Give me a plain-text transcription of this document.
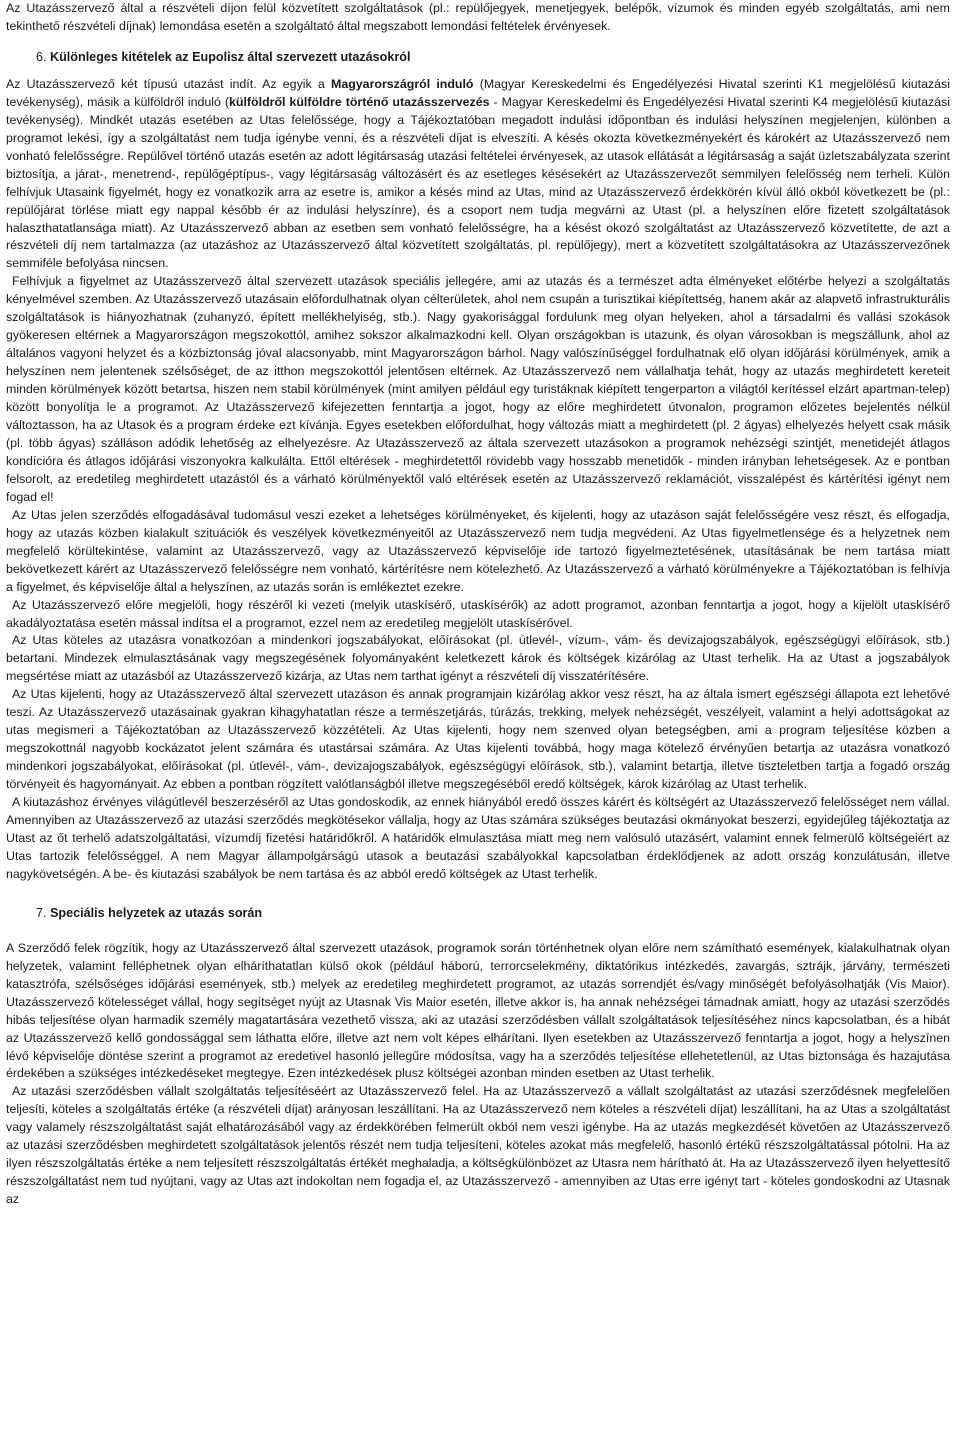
Az Utazásszervező által a részvételi díjon felül közvetített szolgáltatások (pl.: repülőjegyek, menetjegyek, belépők, vízumok és minden egyéb szolgáltatás, ami nem tekinthető részvételi díjnak) lemondása esetén a szolgáltató által megszabott lemondási feltételek érvényesek.

6. Különleges kitételek az Eupolisz által szervezett utazásokról

Az Utazásszervező két típusú utazást indít. Az egyik a Magyarországról induló (Magyar Kereskedelmi és Engedélyezési Hivatal szerinti K1 megjelölésű kiutazási tevékenység), másik a külföldről induló (külföldről külföldre történő utazásszervezés - Magyar Kereskedelmi és Engedélyezési Hivatal szerinti K4 megjelölésű kiutazási tevékenység). Mindkét utazás esetében az Utas felelőssége, hogy a Tájékoztatóban megadott indulási időpontban és indulási helyszínen megjelenjen, különben a programot lekési, így a szolgáltatást nem tudja igénybe venni, és a részvételi díjat is elveszíti. A késés okozta következményekért és károkért az Utazásszervező nem vonható felelősségre. Repülővel történő utazás esetén az adott légitársaság utazási feltételei érvényesek, az utasok ellátását a légitársaság a saját üzletszabályzata szerint biztosítja, a járat-, menetrend-, repülőgéptípus-, vagy légitársaság változásért és az esetleges késésekért az Utazásszervezőt semmilyen felelősség nem terheli. Külön felhívjuk Utasaink figyelmét, hogy ez vonatkozik arra az esetre is, amikor a késés mind az Utas, mind az Utazásszervező érdekkörén kívül álló okból következett be (pl.: repülőjárat törlése miatt egy nappal később ér az indulási helyszínre), és a csoport nem tudja megvárni az Utast (pl. a helyszínen előre fizetett szolgáltatások halaszthatatlansága miatt). Az Utazásszervező abban az esetben sem vonható felelősségre, ha a késést okozó szolgáltatást az Utazásszervező közvetítette, de azt a részvételi díj nem tartalmazza (az utazáshoz az Utazásszervező által közvetített szolgáltatás, pl. repülőjegy), mert a közvetített szolgáltatásokra az Utazásszervezőnek semmiféle befolyása nincsen.

Felhívjuk a figyelmet az Utazásszervező által szervezett utazások speciális jellegére, ami az utazás és a természet adta élményeket előtérbe helyezi a szolgáltatás kényelmével szemben. Az Utazásszervező utazásain előfordulhatnak olyan célterületek, ahol nem csupán a turisztikai kiépítettség, hanem akár az alapvető infrastrukturális szolgáltatások is hiányozhatnak (zuhanyzó, épített mellékhelyiség, stb.). Nagy gyakorisággal fordulunk meg olyan helyeken, ahol a társadalmi és vallási szokások gyökeresen eltérnek a Magyarországon megszokottól, amihez sokszor alkalmazkodni kell. Olyan országokban is utazunk, és olyan városokban is megszállunk, ahol az általános vagyoni helyzet és a közbiztonság jóval alacsonyabb, mint Magyarországon bárhol. Nagy valószínűséggel fordulhatnak elő olyan időjárási körülmények, amik a helyszínen nem jelentenek szélsőséget, de az itthon megszokottól jelentősen eltérnek. Az Utazásszervező nem vállalhatja tehát, hogy az utazás meghirdetett kereteit minden körülmények között betartsa, hiszen nem stabil körülmények (mint amilyen például egy turistáknak kiépített tengerparton a világtól kerítéssel elzárt apartman-telep) között bonyolítja le a programot. Az Utazásszervező kifejezetten fenntartja a jogot, hogy az előre meghirdetett útvonalon, programon előzetes bejelentés nélkül változtasson, ha az Utasok és a program érdeke ezt kívánja. Egyes esetekben előfordulhat, hogy változás miatt a meghirdetett (pl. 2 ágyas) elhelyezés helyett csak másik (pl. több ágyas) szálláson adódik lehetőség az elhelyezésre. Az Utazásszervező az általa szervezett utazásokon a programok nehézségi szintjét, menetidejét átlagos kondícióra és átlagos időjárási viszonyokra kalkulálta. Ettől eltérések - meghirdetettől rövidebb vagy hosszabb menetidők - minden irányban lehetségesek. Az e pontban felsorolt, az eredetileg meghirdetett utazástól és a várható körülményektől való eltérések esetén az Utazásszervező reklamációt, visszalépést és kártérítési igényt nem fogad el!

Az Utas jelen szerződés elfogadásával tudomásul veszi ezeket a lehetséges körülményeket, és kijelenti, hogy az utazáson saját felelősségére vesz részt, és elfogadja, hogy az utazás közben kialakult szituációk és veszélyek következményeitől az Utazásszervező nem tudja megvédeni. Az Utas figyelmetlensége és a helyzetnek nem megfelelő körültekintése, valamint az Utazásszervező, vagy az Utazásszervező képviselője ide tartozó figyelmeztetésének, utasításának be nem tartása miatt bekövetkezett kárért az Utazásszervező felelősségre nem vonható, kártérítésre nem kötelezhető. Az Utazásszervező a várható körülményekre a Tájékoztatóban is felhívja a figyelmet, és képviselője által a helyszínen, az utazás során is emlékeztet ezekre.

Az Utazásszervező előre megjelöli, hogy részéről ki vezeti (melyik utaskísérő, utaskísérők) az adott programot, azonban fenntartja a jogot, hogy a kijelölt utaskísérő akadályoztatása esetén mással indítsa el a programot, ezzel nem az eredetileg megjelölt utaskísérővel.

Az Utas köteles az utazásra vonatkozóan a mindenkori jogszabályokat, előírásokat (pl. útlevél-, vízum-, vám- és devizajogszabályok, egészségügyi előírások, stb.) betartani. Mindezek elmulasztásának vagy megszegésének folyományaként keletkezett károk és költségek kizárólag az Utast terhelik. Ha az Utast a jogszabályok megsértése miatt az utazásból az Utazásszervező kizárja, az Utas nem tarthat igényt a részvételi díj visszatérítésére.

Az Utas kijelenti, hogy az Utazásszervező által szervezett utazáson és annak programjain kizárólag akkor vesz részt, ha az általa ismert egészségi állapota ezt lehetővé teszi. Az Utazásszervező utazásainak gyakran kihagyhatatlan része a természetjárás, túrázás, trekking, melyek nehézségét, veszélyeit, valamint a helyi adottságokat az utas megismeri a Tájékoztatóban az Utazásszervező közzétételi. Az Utas kijelenti, hogy nem szenved olyan betegségben, ami a program teljesítése közben a megszokottnál nagyobb kockázatot jelent számára és utastársai számára. Az Utas kijelenti továbbá, hogy maga kötelező érvényűen betartja az utazásra vonatkozó mindenkori jogszabályokat, előírásokat (pl. útlevél-, vám-, devizajogszabályok, egészségügyi előírások, stb.), valamint betartja, illetve tiszteletben tartja a fogadó ország törvényeit és hagyományait. Az ebben a pontban rögzített valótlanságból illetve megszegéséből eredő költségek, károk kizárólag az Utast terhelik.

A kiutazáshoz érvényes világútlevél beszerzéséről az Utas gondoskodik, az ennek hiányából eredő összes kárért és költségért az Utazásszervező felelősséget nem vállal. Amennyiben az Utazásszervező az utazási szerződés megkötésekor vállalja, hogy az Utas számára szükséges beutazási okmányokat beszerzi, egyidejűleg tájékoztatja az Utast az őt terhelő adatszolgáltatási, vízumdíj fizetési határidőkről. A határidők elmulasztása miatt meg nem valósuló utazásért, valamint ennek felmerülő költségeiért az Utas tartozik felelősséggel. A nem Magyar állampolgárságú utasok a beutazási szabályokkal kapcsolatban érdeklődjenek az adott ország konzulátusán, illetve nagykövetségén. A be- és kiutazási szabályok be nem tartása és az abból eredő költségek az Utast terhelik.

7. Speciális helyzetek az utazás során

A Szerződő felek rögzítik, hogy az Utazásszervező által szervezett utazások, programok során történhetnek olyan előre nem számítható események, kialakulhatnak olyan helyzetek, valamint felléphetnek olyan elháríthatatlan külső okok (például háború, terrorcselekmény, diktatórikus intézkedés, zavargás, sztrájk, járvány, természeti katasztrófa, szélsőséges időjárási események, stb.) melyek az eredetileg meghirdetett programot, az utazás sorrendjét és/vagy minőségét befolyásolhatják (Vis Maior). Utazásszervező kötelességet vállal, hogy segítséget nyújt az Utasnak Vis Maior esetén, illetve akkor is, ha annak nehézségei támadnak amiatt, hogy az utazási szerződés hibás teljesítése olyan harmadik személy magatartására vezethető vissza, aki az utazási szerződésben vállalt szolgáltatások teljesítéséhez nincs kapcsolatban, és a hibát az Utazásszervező kellő gondossággal sem láthatta előre, illetve azt nem volt képes elhárítani. Ilyen esetekben az Utazásszervező fenntartja a jogot, hogy a helyszínen lévő képviselője döntése szerint a programot az eredetivel hasonló jellegűre módosítsa, vagy ha a szerződés teljesítése ellehetetlenül, az Utas biztonsága és hazajutása érdekében a szükséges intézkedéseket megtegye. Ezen intézkedések plusz költségei azonban minden esetben az Utast terhelik.

Az utazási szerződésben vállalt szolgáltatás teljesítéséért az Utazásszervező felel. Ha az Utazásszervező a vállalt szolgáltatást az utazási szerződésnek megfelelően teljesíti, köteles a szolgáltatás értéke (a részvételi díjat) arányosan leszállítani. Ha az Utazásszervező nem köteles a részvételi díjat) leszállítani, ha az Utas a szolgáltatást vagy valamely részszolgáltatást saját elhatározásából vagy az érdekkörében felmerült okból nem veszi igénybe. Ha az utazás megkezdését követően az Utazásszervező az utazási szerződésben meghirdetett szolgáltatások jelentős részét nem tudja teljesíteni, köteles azokat más megfelelő, hasonló értékű részszolgáltatással pótolni. Ha az ilyen részszolgáltatás értéke a nem teljesített részszolgáltatás értékét meghaladja, a költségkülönbözet az Utasra nem hárítható át. Ha az Utazásszervező ilyen helyettesítő részszolgáltatást nem tud nyújtani, vagy az Utas azt indokoltan nem fogadja el, az Utazásszervező - amennyiben az Utas erre igényt tart - köteles gondoskodni az Utasnak az
